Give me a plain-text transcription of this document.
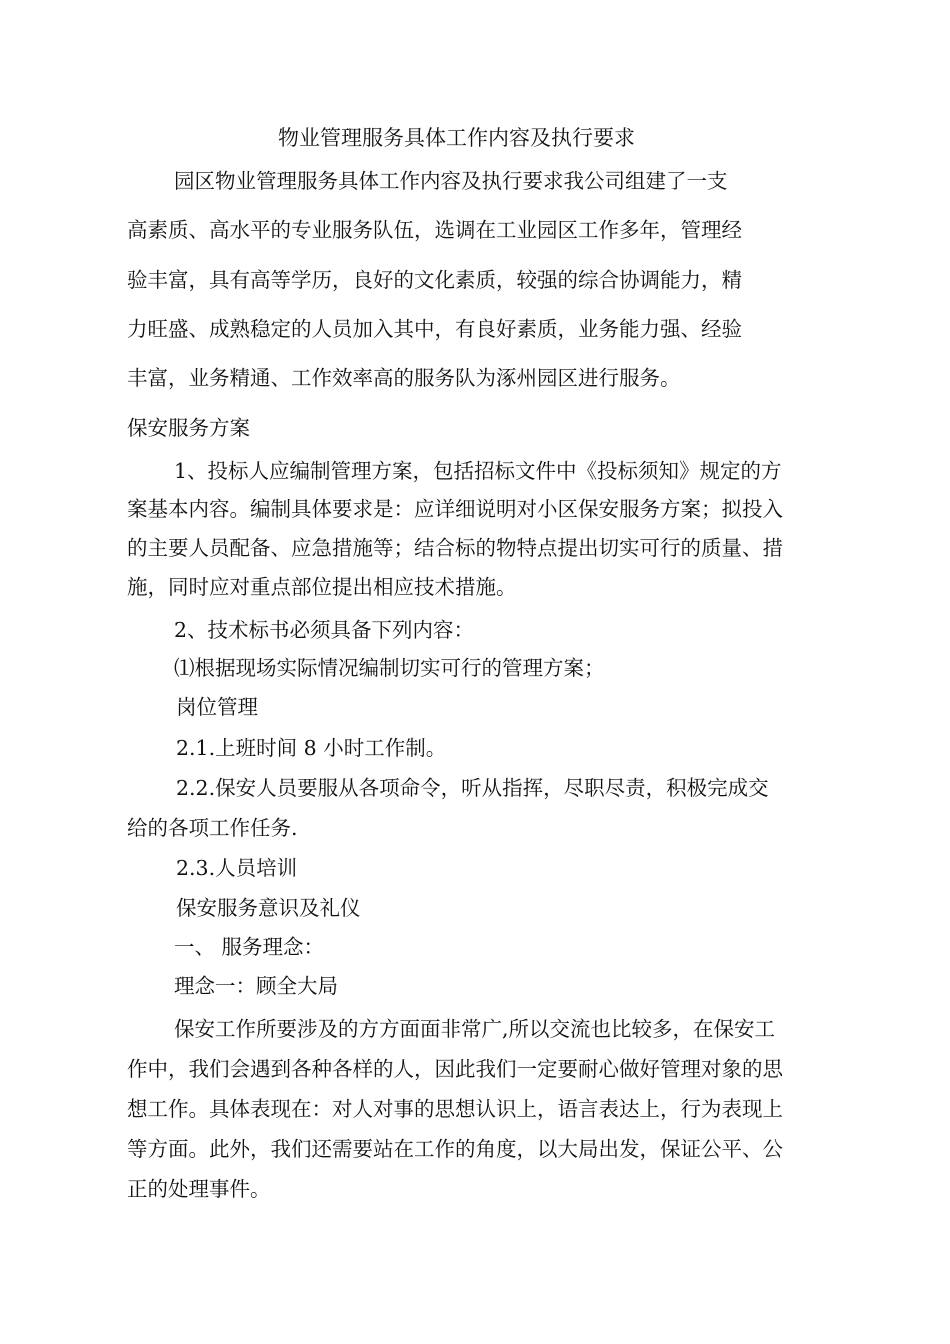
物业管理服务具体工作内容及执行要求
园区物业管理服务具体工作内容及执行要求我公司组建了一支
高素质、高水平的专业服务队伍，选调在工业园区工作多年，管理经
验丰富，具有高等学历，良好的文化素质，较强的综合协调能力，精
力旺盛、成熟稳定的人员加入其中，有良好素质，业务能力强、经验
丰富，业务精通、工作效率高的服务队为涿州园区进行服务。
保安服务方案
1、投标人应编制管理方案，包括招标文件中《投标须知》规定的方
案基本内容。编制具体要求是：应详细说明对小区保安服务方案；拟投入
的主要人员配备、应急措施等；结合标的物特点提出切实可行的质量、措
施，同时应对重点部位提出相应技术措施。
2、技术标书必须具备下列内容：
⑴根据现场实际情况编制切实可行的管理方案；
岗位管理
2.1.上班时间 8 小时工作制。
2.2.保安人员要服从各项命令，听从指挥，尽职尽责，积极完成交
给的各项工作任务.
2.3.人员培训
保安服务意识及礼仪
一、 服务理念：
理念一：顾全大局
保安工作所要涉及的方方面面非常广,所以交流也比较多，在保安工
作中，我们会遇到各种各样的人，因此我们一定要耐心做好管理对象的思
想工作。具体表现在：对人对事的思想认识上，语言表达上，行为表现上
等方面。此外，我们还需要站在工作的角度，以大局出发，保证公平、公
正的处理事件。
